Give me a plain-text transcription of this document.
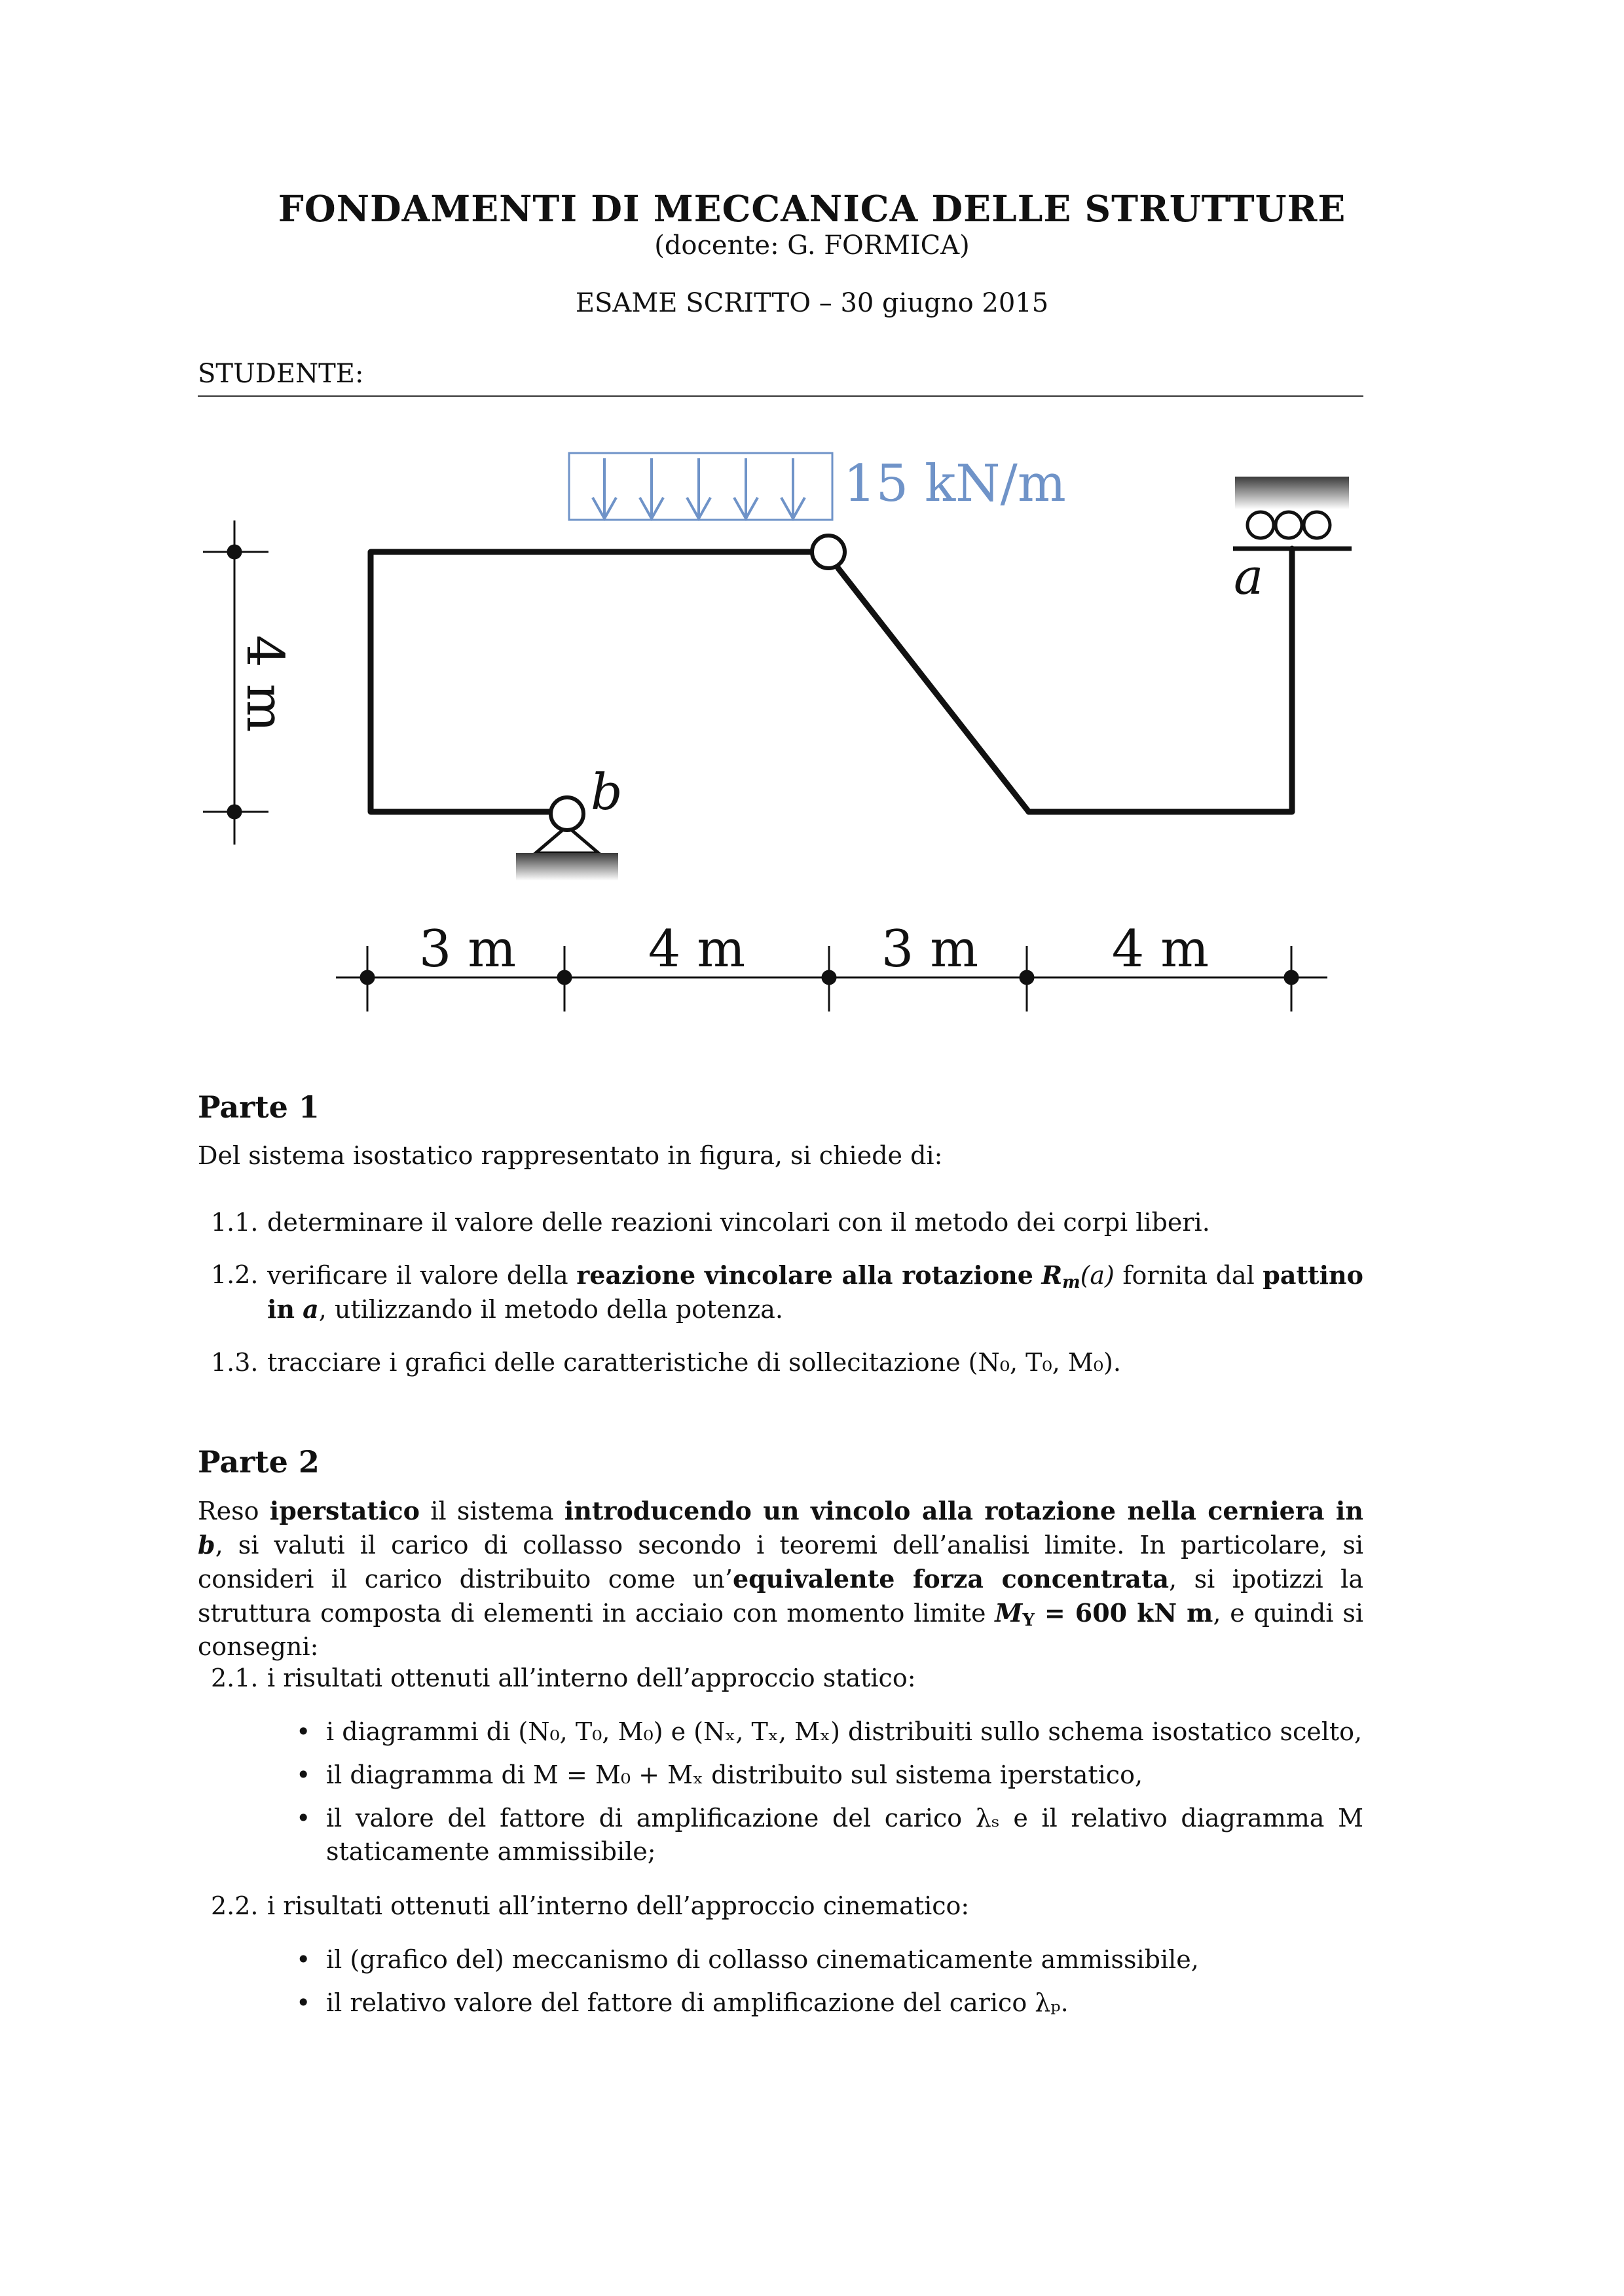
FONDAMENTI DI MECCANICA DELLE STRUTTURE
(docente: G. FORMICA)
ESAME SCRITTO – 30 giugno 2015
STUDENTE:
15 kN/m
b
a
4 m
3 m	4 m	3 m	4 m
Parte 1
Del sistema isostatico rappresentato in figura, si chiede di:
1.1. determinare il valore delle reazioni vincolari con il metodo dei corpi liberi.
1.2. verificare il valore della reazione vincolare alla rotazione $R_m(a)$ fornita dal pattino in a, utilizzando il metodo della potenza.
1.3. tracciare i grafici delle caratteristiche di sollecitazione (N₀, T₀, M₀).
Parte 2
Reso iperstatico il sistema introducendo un vincolo alla rotazione nella cerniera in b, si valuti il carico di collasso secondo i teoremi dell’analisi limite. In particolare, si consideri il carico distribuito come un’equivalente forza concentrata, si ipotizzi la struttura composta di elementi in acciaio con momento limite $M_Y = 600$ kN m, e quindi si consegni:
2.1. i risultati ottenuti all’interno dell’approccio statico:
• i diagrammi di (N₀, T₀, M₀) e (Nₓ, Tₓ, Mₓ) distribuiti sullo schema isostatico scelto,
• il diagramma di M = M₀ + Mₓ distribuito sul sistema iperstatico,
• il valore del fattore di amplificazione del carico λₛ e il relativo diagramma M staticamente ammissibile;
2.2. i risultati ottenuti all’interno dell’approccio cinematico:
• il (grafico del) meccanismo di collasso cinematicamente ammissibile,
• il relativo valore del fattore di amplificazione del carico λₚ.
